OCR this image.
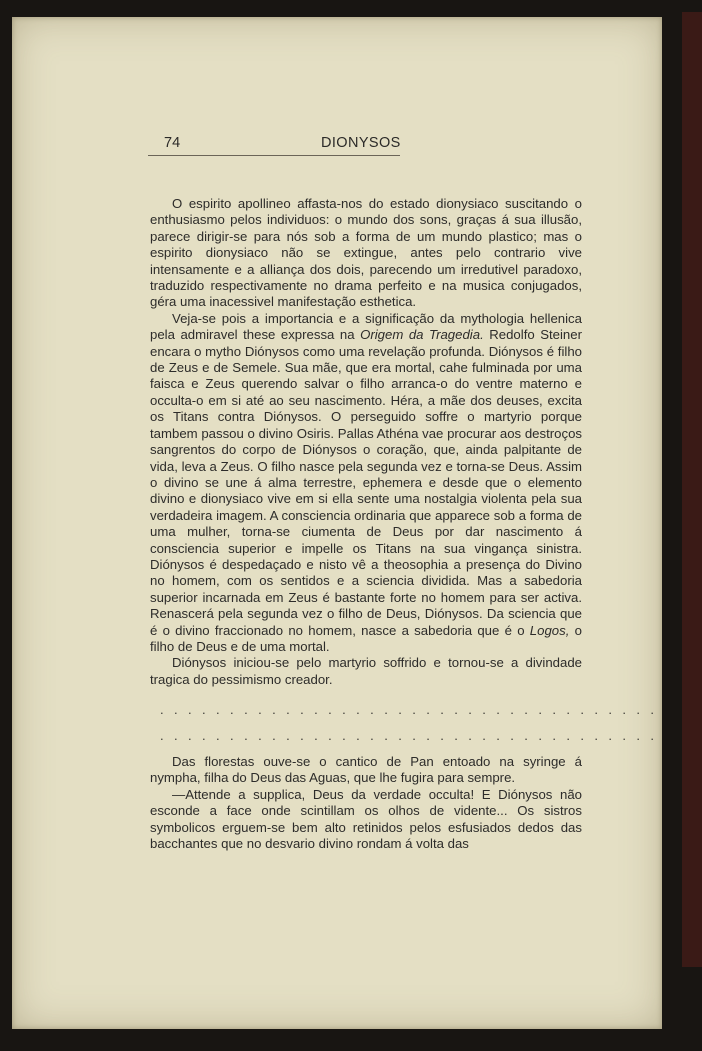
74	DIONYSOS

O espirito apollineo affasta-nos do estado dionysiaco suscitando o enthusiasmo pelos individuos: o mundo dos sons, graças á sua illusão, parece dirigir-se para nós sob a forma de um mundo plastico; mas o espirito dionysiaco não se extingue, antes pelo contrario vive intensamente e a alliança dos dois, parecendo um irredutivel paradoxo, traduzido respectivamente no drama perfeito e na musica conjugados, géra uma inacessivel manifestação esthetica.

Veja-se pois a importancia e a significação da mythologia hellenica pela admiravel these expressa na Origem da Tragedia. Redolfo Steiner encara o mytho Diónysos como uma revelação profunda. Diónysos é filho de Zeus e de Semele. Sua mãe, que era mortal, cahe fulminada por uma faisca e Zeus querendo salvar o filho arranca-o do ventre materno e occulta-o em si até ao seu nascimento. Héra, a mãe dos deuses, excita os Titans contra Diónysos. O perseguido soffre o martyrio porque tambem passou o divino Osiris. Pallas Athéna vae procurar aos destroços sangrentos do corpo de Diónysos o coração, que, ainda palpitante de vida, leva a Zeus. O filho nasce pela segunda vez e torna-se Deus. Assim o divino se une á alma terrestre, ephemera e desde que o elemento divino e dionysiaco vive em si ella sente uma nostalgia violenta pela sua verdadeira imagem. A consciencia ordinaria que apparece sob a forma de uma mulher, torna-se ciumenta de Deus por dar nascimento á consciencia superior e impelle os Titans na sua vingança sinistra. Diónysos é despedaçado e nisto vê a theosophia a presença do Divino no homem, com os sentidos e a sciencia dividida. Mas a sabedoria superior incarnada em Zeus é bastante forte no homem para ser activa. Renascerá pela segunda vez o filho de Deus, Diónysos. Da sciencia que é o divino fraccionado no homem, nasce a sabedoria que é o Logos, o filho de Deus e de uma mortal.

Diónysos iniciou-se pelo martyrio soffrido e tornou-se a divindade tragica do pessimismo creador.

....................................
....................................

Das florestas ouve-se o cantico de Pan entoado na syringe á nympha, filha do Deus das Aguas, que lhe fugira para sempre.

—Attende a supplica, Deus da verdade occulta! E Diónysos não esconde a face onde scintillam os olhos de vidente... Os sistros symbolicos erguem-se bem alto retinidos pelos esfusiados dedos das bacchantes que no desvario divino rondam á volta das
